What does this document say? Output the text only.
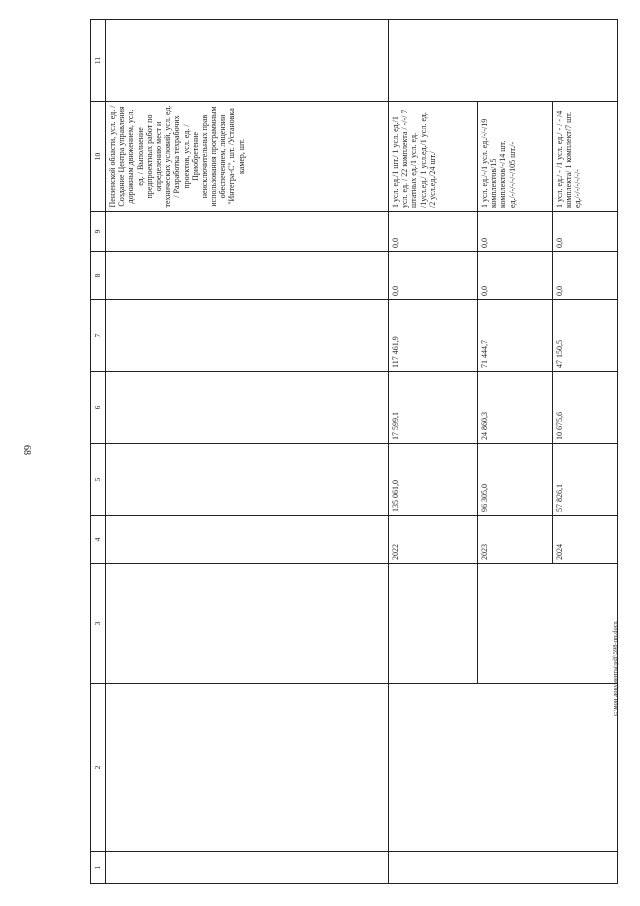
68
1	2	3	4	5	6	7	8	9	10	11
									Пензенской области, усл. ед. / Создание Центра управления дорожным движением, усл. ед. / Выполнение предпроектных работ по определению мест и технических условий, усл. ед. / Разработка техрабочих проектов, усл. ед. / Приобретение неисключительных прав использования программным обеспечением, лицензии "Интегра-С", шт. /Установка камер, шт.	
			2022	135 061,0	17 599,1	117 461,9	0,0	0,0	1 усл. ед./1 шт./ 1 усл. ед./1 усл. ед. / 22 комплекта / -/-/ 7 штатных ед./1 усл. ед. /1усл.ед./ 1 усл.ед./1 усл. ед. /2 усл.ед./24 шт./	
			2023	96 305,0	24 860,3	71 444,7	0,0	0,0	1 усл. ед./-/1 усл. ед./-/-/19 комплектов/15 комплектов/-/14 шт. ед./-/-/-/-/-/105 шт./-	
			2024	57 826,1	10 675,6	47 150,5	0,0	0,0	1 усл. ед./ - /1 усл. ед./ - / - /4 комплекта/ 1 комплект/7 шт. ед./-/-/-/-/-/-	
c:\мои документы\pdf\598-пп.docx
